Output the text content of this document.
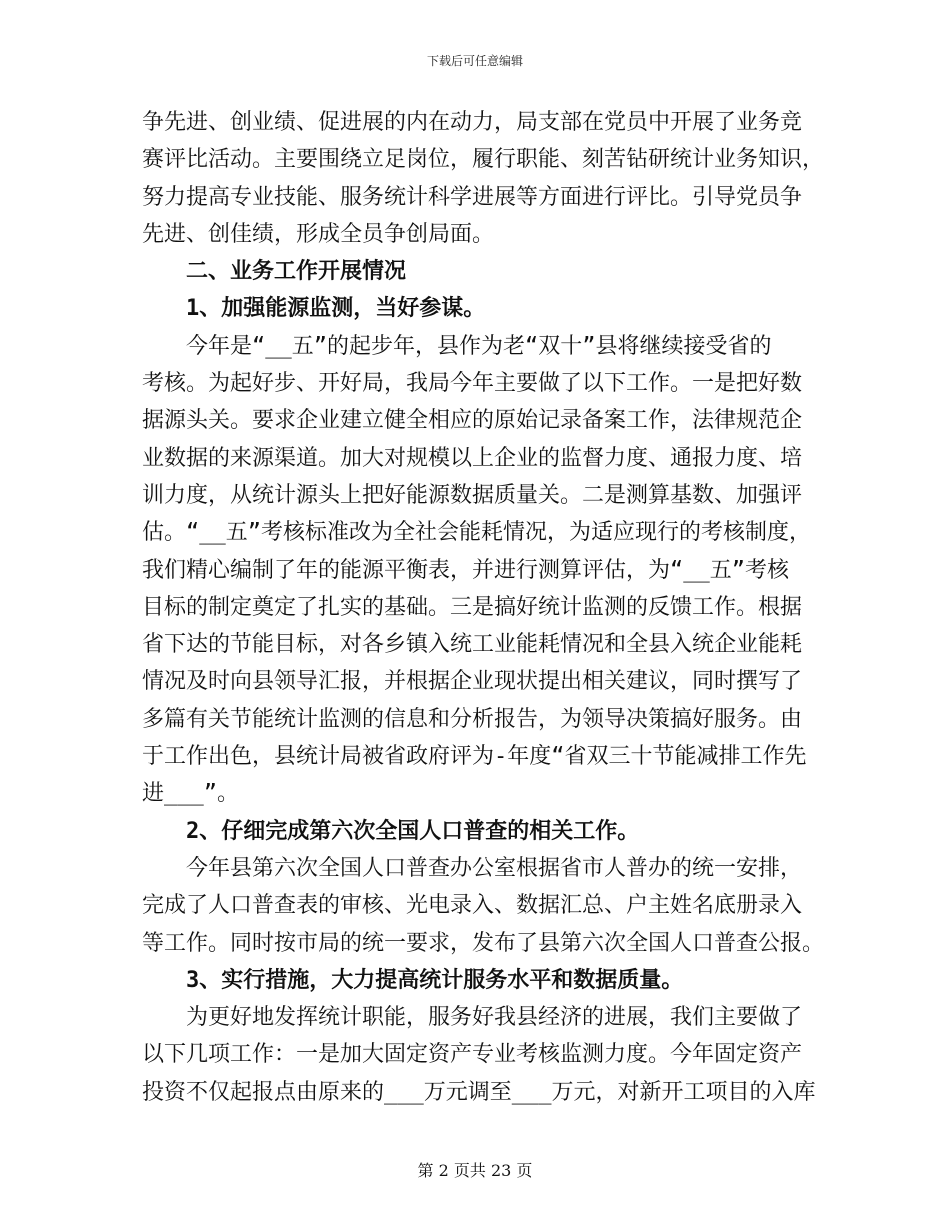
下载后可任意编辑
争先进、创业绩、促进展的内在动力，局支部在党员中开展了业务竞
赛评比活动。主要围绕立足岗位，履行职能、刻苦钻研统计业务知识，
努力提高专业技能、服务统计科学进展等方面进行评比。引导党员争
先进、创佳绩，形成全员争创局面。
二、业务工作开展情况
1、加强能源监测，当好参谋。
今年是“__五”的起步年，县作为老“双十”县将继续接受省的
考核。为起好步、开好局，我局今年主要做了以下工作。一是把好数
据源头关。要求企业建立健全相应的原始记录备案工作，法律规范企
业数据的来源渠道。加大对规模以上企业的监督力度、通报力度、培
训力度，从统计源头上把好能源数据质量关。二是测算基数、加强评
估。“__五”考核标准改为全社会能耗情况，为适应现行的考核制度，
我们精心编制了年的能源平衡表，并进行测算评估，为“__五”考核
目标的制定奠定了扎实的基础。三是搞好统计监测的反馈工作。根据
省下达的节能目标，对各乡镇入统工业能耗情况和全县入统企业能耗
情况及时向县领导汇报，并根据企业现状提出相关建议，同时撰写了
多篇有关节能统计监测的信息和分析报告，为领导决策搞好服务。由
于工作出色，县统计局被省政府评为-年度“省双三十节能减排工作先
进___”。
2、仔细完成第六次全国人口普查的相关工作。
今年县第六次全国人口普查办公室根据省市人普办的统一安排，
完成了人口普查表的审核、光电录入、数据汇总、户主姓名底册录入
等工作。同时按市局的统一要求，发布了县第六次全国人口普查公报。
3、实行措施，大力提高统计服务水平和数据质量。
为更好地发挥统计职能，服务好我县经济的进展，我们主要做了
以下几项工作：一是加大固定资产专业考核监测力度。今年固定资产
投资不仅起报点由原来的___万元调至___万元，对新开工项目的入库
第 2 页共 23 页
